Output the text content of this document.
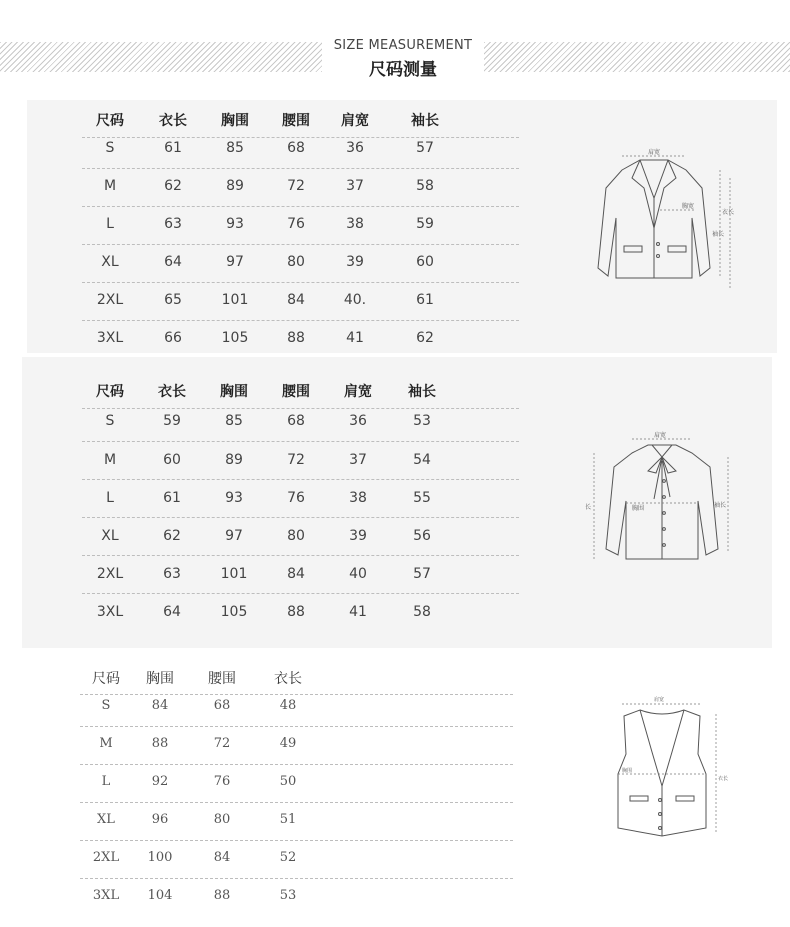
SIZE MEASUREMENT
尺码测量
尺码	衣长 胸围 腰围 肩宽	袖长
S	61	85	68	36	57
M	62	89	72	37	58
L	63	93	76	38	59
XL	64	97	80	39	60
2XL	65	101	84	40.	61
3XL	66	105	88	41	62
肩宽
胸宽
衣长
袖长
尺码 衣长 胸围 腰围 肩宽	袖长
S	59	85	68	36	53
M	60	89	72	37	54
L	61	93	76	38	55
XL	62	97	80	39	56
2XL	63	101	84	40	57
3XL	64	105	88	41	58
肩宽
胸围
长	袖长
尺码 胸围 腰围	衣长
S	84	68	48
M	88	72	49
L	92	76	50
XL	96	80	51
2XL 100	84	52
3XL 104	88	53
肩宽
胸围
衣长
